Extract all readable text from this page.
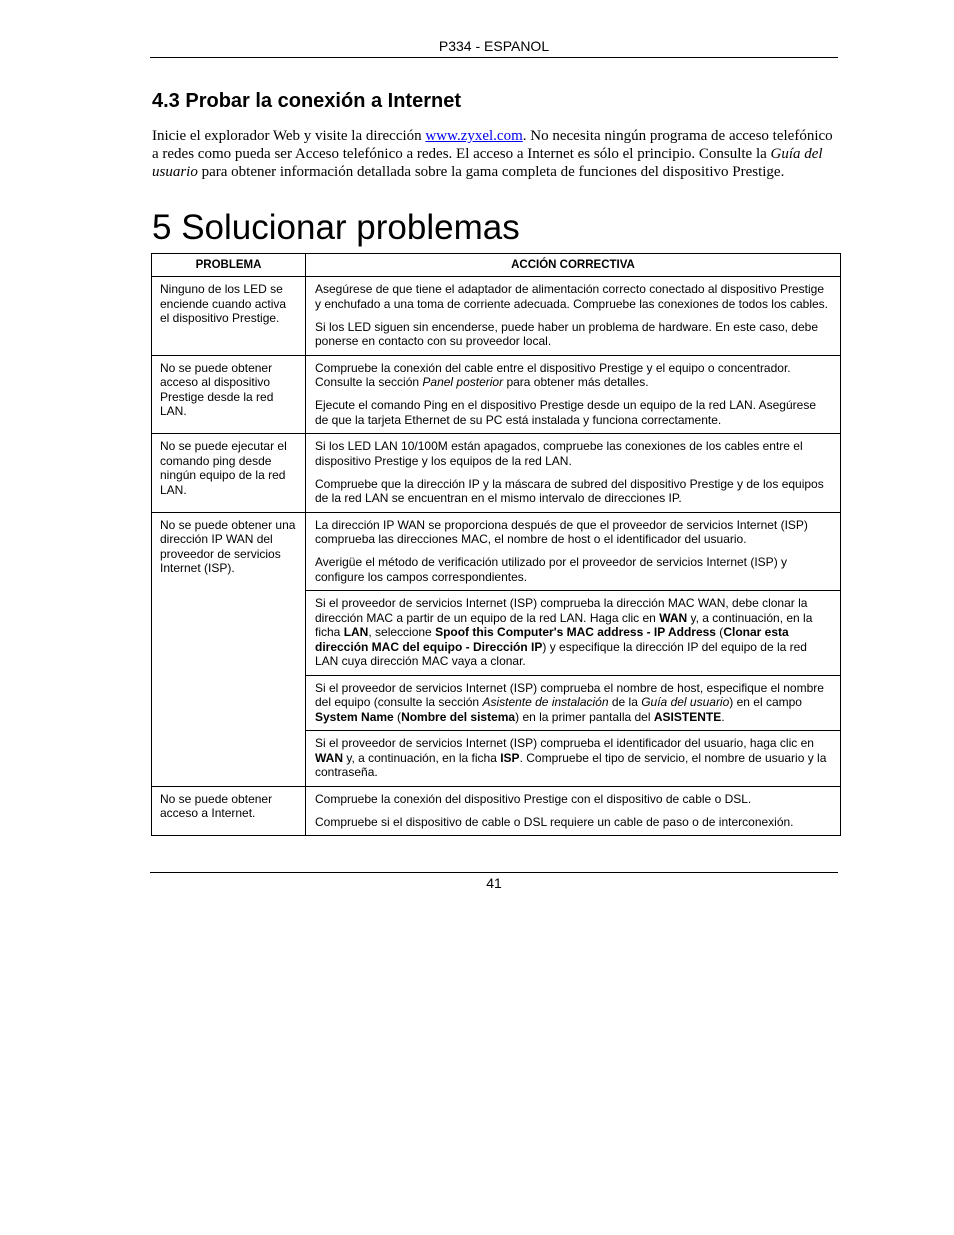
P334 - ESPANOL
4.3 Probar la conexión a Internet

Inicie el explorador Web y visite la dirección www.zyxel.com. No necesita ningún programa de acceso telefónico a redes como pueda ser Acceso telefónico a redes. El acceso a Internet es sólo el principio. Consulte la Guía del usuario para obtener información detallada sobre la gama completa de funciones del dispositivo Prestige.

5 Solucionar problemas
PROBLEMA	ACCIÓN CORRECTIVA
Ninguno de los LED se enciende cuando activa el dispositivo Prestige.	Asegúrese de que tiene el adaptador de alimentación correcto conectado al dispositivo Prestige y enchufado a una toma de corriente adecuada. Compruebe las conexiones de todos los cables.

Si los LED siguen sin encenderse, puede haber un problema de hardware. En este caso, debe ponerse en contacto con su proveedor local.

No se puede obtener acceso al dispositivo Prestige desde la red LAN.	Compruebe la conexión del cable entre el dispositivo Prestige y el equipo o concentrador. Consulte la sección Panel posterior para obtener más detalles.

Ejecute el comando Ping en el dispositivo Prestige desde un equipo de la red LAN. Asegúrese de que la tarjeta Ethernet de su PC está instalada y funciona correctamente.

No se puede ejecutar el comando ping desde ningún equipo de la red LAN.	Si los LED LAN 10/100M están apagados, compruebe las conexiones de los cables entre el dispositivo Prestige y los equipos de la red LAN.

Compruebe que la dirección IP y la máscara de subred del dispositivo Prestige y de los equipos de la red LAN se encuentran en el mismo intervalo de direcciones IP.

No se puede obtener una dirección IP WAN del proveedor de servicios Internet (ISP).	La dirección IP WAN se proporciona después de que el proveedor de servicios Internet (ISP) comprueba las direcciones MAC, el nombre de host o el identificador del usuario.

Averigüe el método de verificación utilizado por el proveedor de servicios Internet (ISP) y configure los campos correspondientes.

	Si el proveedor de servicios Internet (ISP) comprueba la dirección MAC WAN, debe clonar la dirección MAC a partir de un equipo de la red LAN. Haga clic en WAN y, a continuación, en la ficha LAN, seleccione Spoof this Computer's MAC address - IP Address (Clonar esta dirección MAC del equipo - Dirección IP) y especifique la dirección IP del equipo de la red LAN cuya dirección MAC vaya a clonar.

	Si el proveedor de servicios Internet (ISP) comprueba el nombre de host, especifique el nombre del equipo (consulte la sección Asistente de instalación de la Guía del usuario) en el campo System Name (Nombre del sistema) en la primer pantalla del ASISTENTE.

	Si el proveedor de servicios Internet (ISP) comprueba el identificador del usuario, haga clic en WAN y, a continuación, en la ficha ISP. Compruebe el tipo de servicio, el nombre de usuario y la contraseña.

No se puede obtener acceso a Internet.	Compruebe la conexión del dispositivo Prestige con el dispositivo de cable o DSL.

Compruebe si el dispositivo de cable o DSL requiere un cable de paso o de interconexión.

41
